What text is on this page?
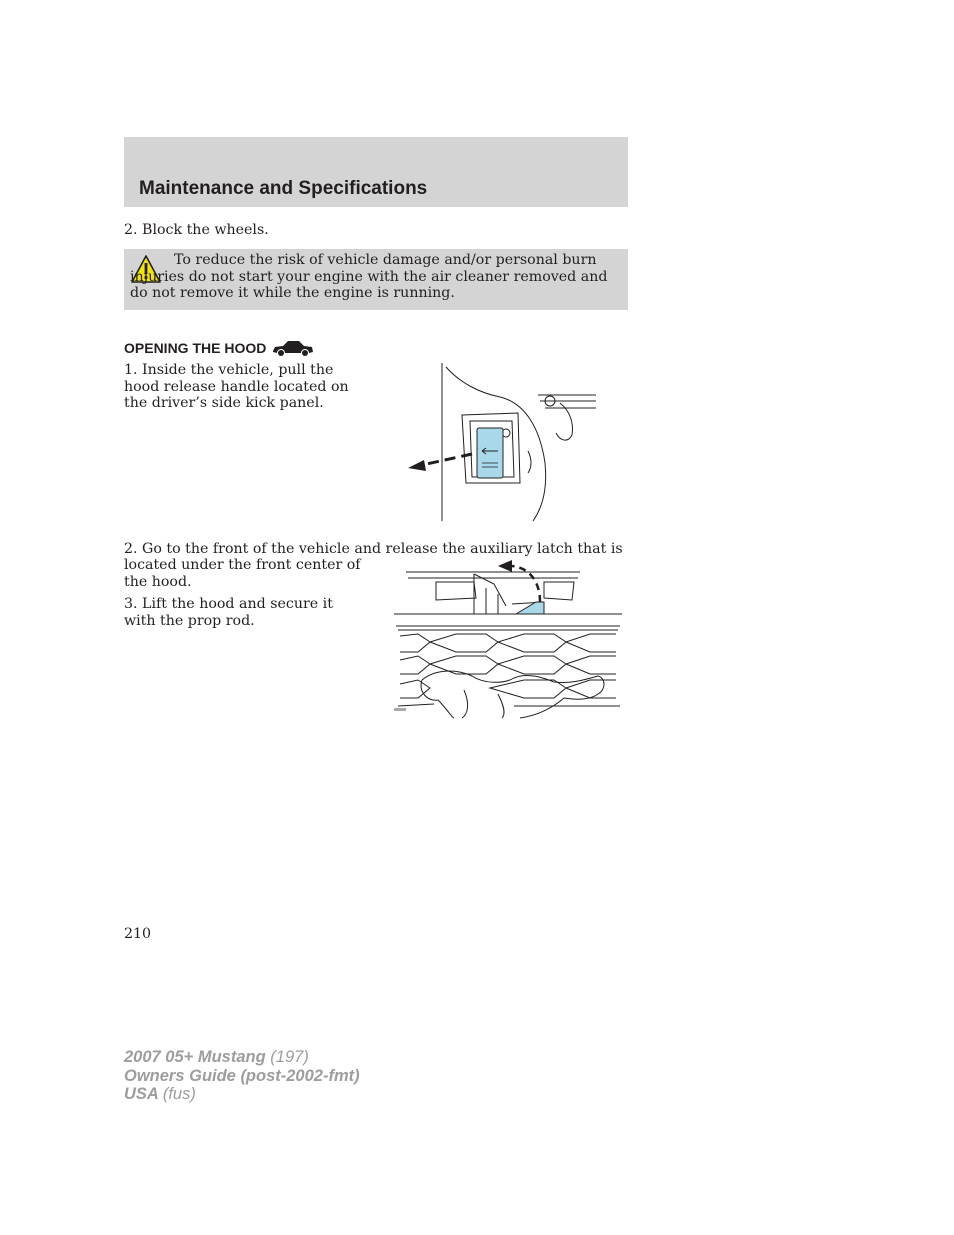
Maintenance and Specifications
2. Block the wheels.
To reduce the risk of vehicle damage and/or personal burn injuries do not start your engine with the air cleaner removed and do not remove it while the engine is running.
OPENING THE HOOD
1. Inside the vehicle, pull the hood release handle located on the driver’s side kick panel.
2. Go to the front of the vehicle and release the auxiliary latch that is
located under the front center of the hood.
3. Lift the hood and secure it with the prop rod.
210
2007 05+ Mustang (197)
Owners Guide (post-2002-fmt)
USA (fus)
